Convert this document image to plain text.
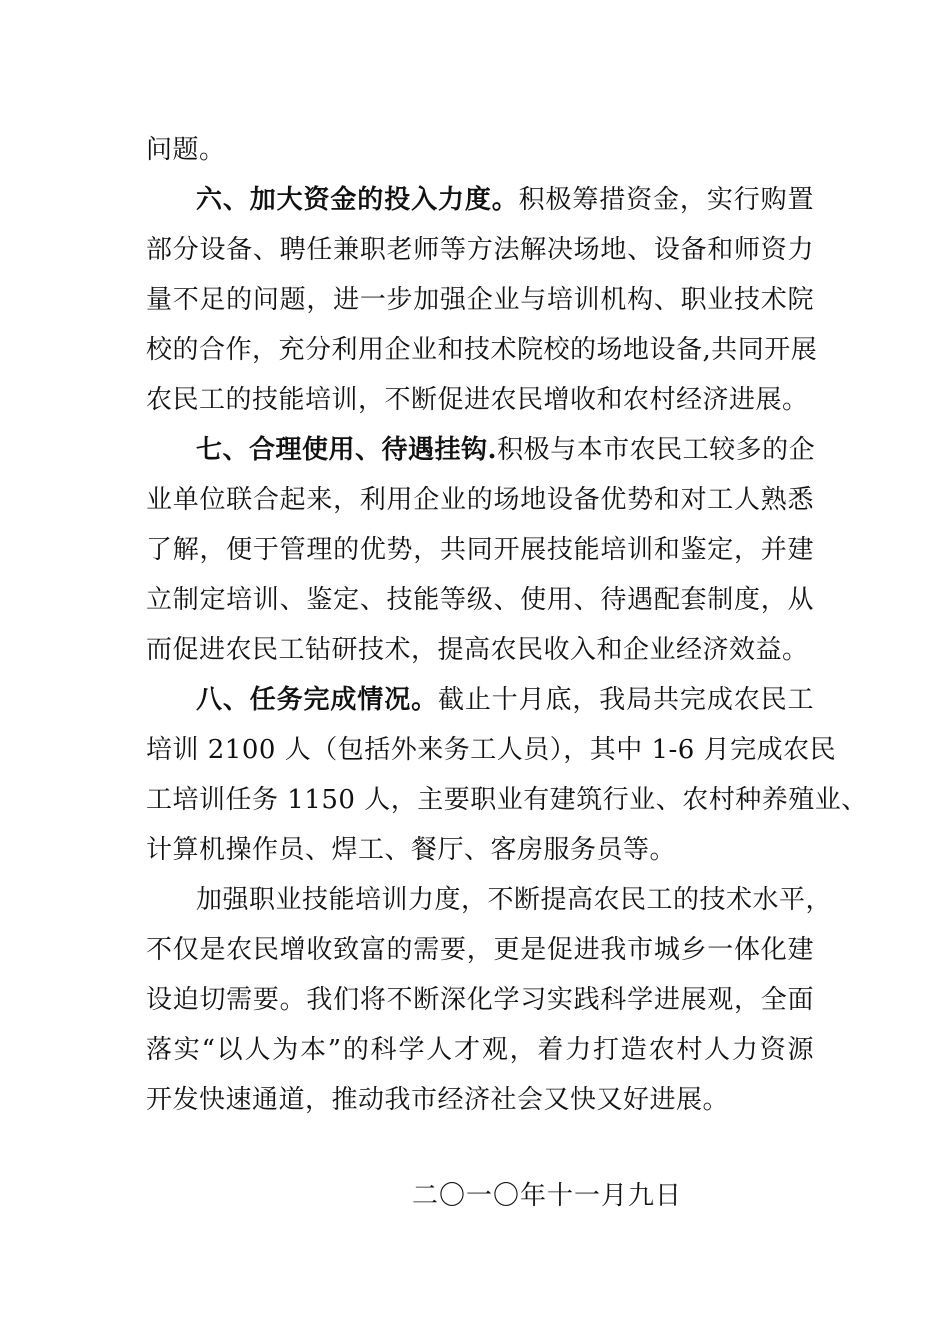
问题。
六、加大资金的投入力度。积极筹措资金，实行购置
部分设备、聘任兼职老师等方法解决场地、设备和师资力
量不足的问题，进一步加强企业与培训机构、职业技术院
校的合作，充分利用企业和技术院校的场地设备,共同开展
农民工的技能培训，不断促进农民增收和农村经济进展。
七、合理使用、待遇挂钩.积极与本市农民工较多的企
业单位联合起来，利用企业的场地设备优势和对工人熟悉
了解，便于管理的优势，共同开展技能培训和鉴定，并建
立制定培训、鉴定、技能等级、使用、待遇配套制度，从
而促进农民工钻研技术，提高农民收入和企业经济效益。
八、任务完成情况。截止十月底，我局共完成农民工
培训 2100 人（包括外来务工人员），其中 1-6 月完成农民
工培训任务 1150 人，主要职业有建筑行业、农村种养殖业、
计算机操作员、焊工、餐厅、客房服务员等。
加强职业技能培训力度，不断提高农民工的技术水平，
不仅是农民增收致富的需要，更是促进我市城乡一体化建
设迫切需要。我们将不断深化学习实践科学进展观，全面
落实“以人为本”的科学人才观，着力打造农村人力资源
开发快速通道，推动我市经济社会又快又好进展。
二〇一〇年十一月九日
